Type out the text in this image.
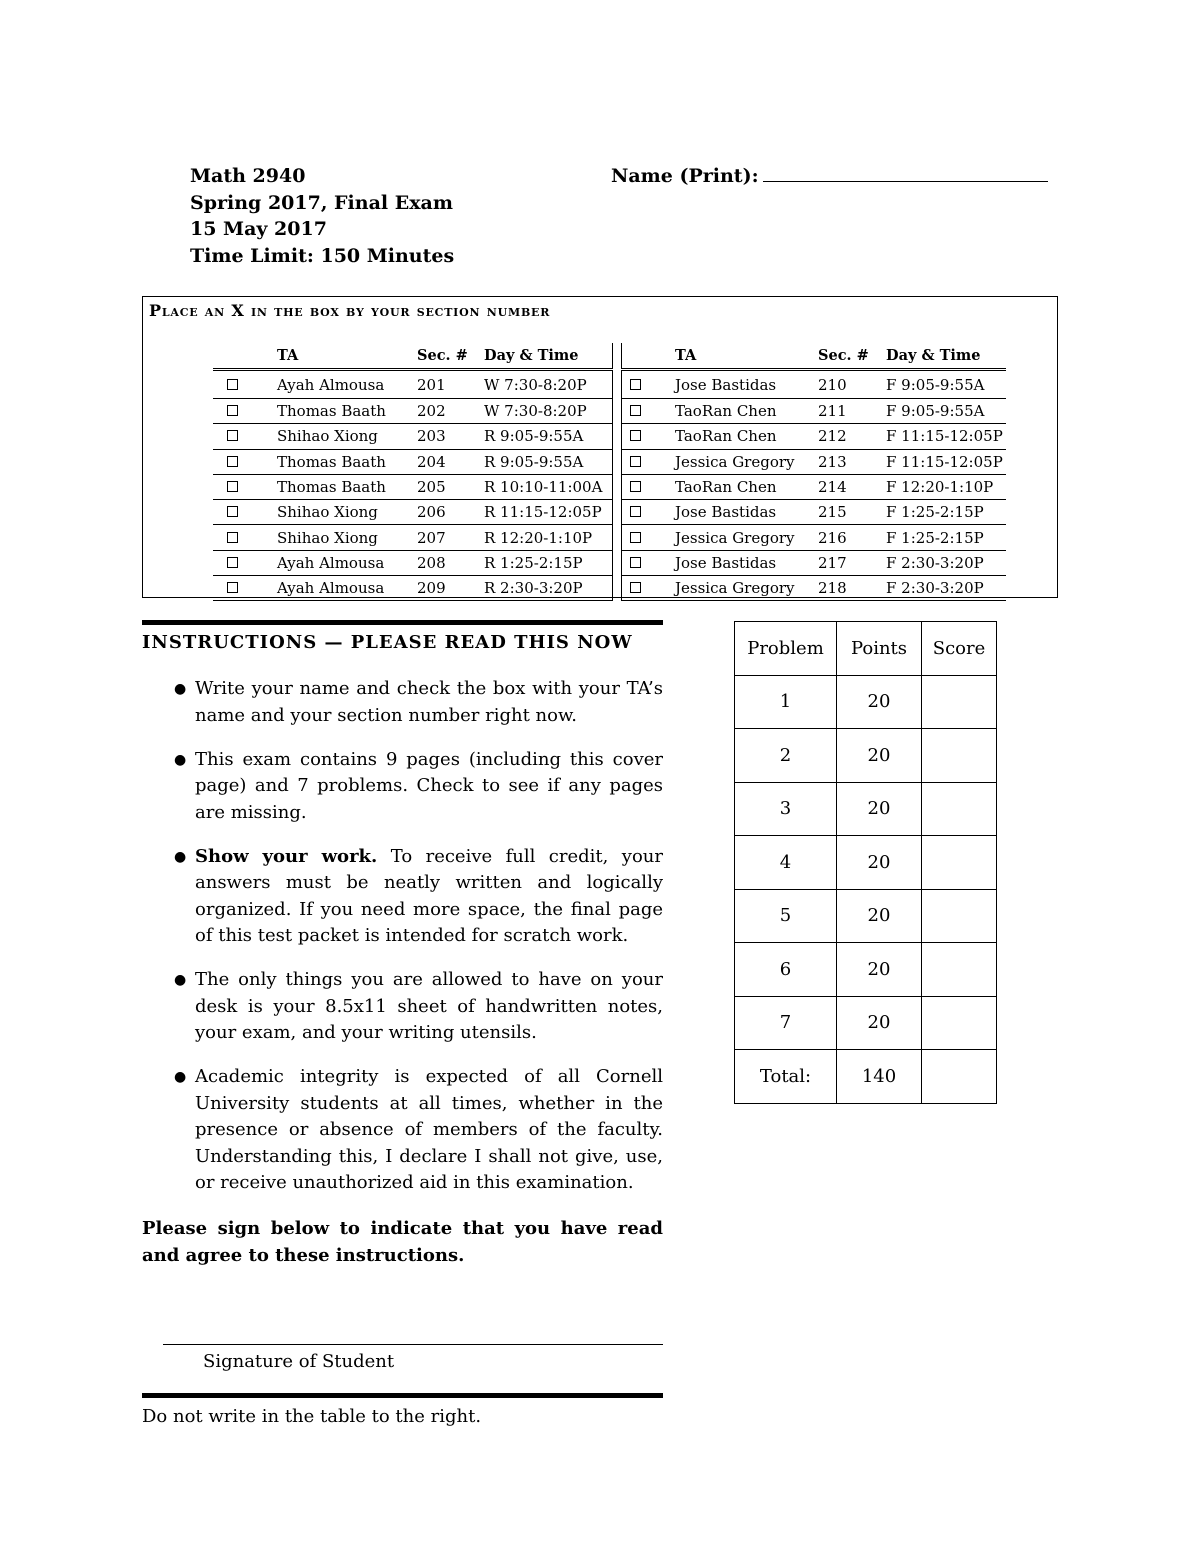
Math 2940
Spring 2017, Final Exam
15 May 2017
Time Limit: 150 Minutes
Name (Print):
Place an X in the box by your section number
	TA	Sec. #	Day & Time			TA	Sec. #	Day & Time
	Ayah Almousa	201	W 7:30-8:20P			Jose Bastidas	210	F 9:05-9:55A
	Thomas Baath	202	W 7:30-8:20P			TaoRan Chen	211	F 9:05-9:55A
	Shihao Xiong	203	R 9:05-9:55A			TaoRan Chen	212	F 11:15-12:05P
	Thomas Baath	204	R 9:05-9:55A			Jessica Gregory	213	F 11:15-12:05P
	Thomas Baath	205	R 10:10-11:00A			TaoRan Chen	214	F 12:20-1:10P
	Shihao Xiong	206	R 11:15-12:05P			Jose Bastidas	215	F 1:25-2:15P
	Shihao Xiong	207	R 12:20-1:10P			Jessica Gregory	216	F 1:25-2:15P
	Ayah Almousa	208	R 1:25-2:15P			Jose Bastidas	217	F 2:30-3:20P
	Ayah Almousa	209	R 2:30-3:20P			Jessica Gregory	218	F 2:30-3:20P
INSTRUCTIONS — PLEASE READ THIS NOW
● Write your name and check the box with your TA’s name and your section number right now.
● This exam contains 9 pages (including this cover page) and 7 problems. Check to see if any pages are missing.
● Show your work. To receive full credit, your answers must be neatly written and logically organized. If you need more space, the final page of this test packet is intended for scratch work.
● The only things you are allowed to have on your desk is your 8.5x11 sheet of handwritten notes, your exam, and your writing utensils.
● Academic integrity is expected of all Cornell University students at all times, whether in the presence or absence of members of the faculty. Understanding this, I declare I shall not give, use, or receive unauthorized aid in this examination.
Please sign below to indicate that you have read and agree to these instructions.
Signature of Student
Do not write in the table to the right.
Problem	Points	Score
1	20	
2	20	
3	20	
4	20	
5	20	
6	20	
7	20	
Total:	140	
